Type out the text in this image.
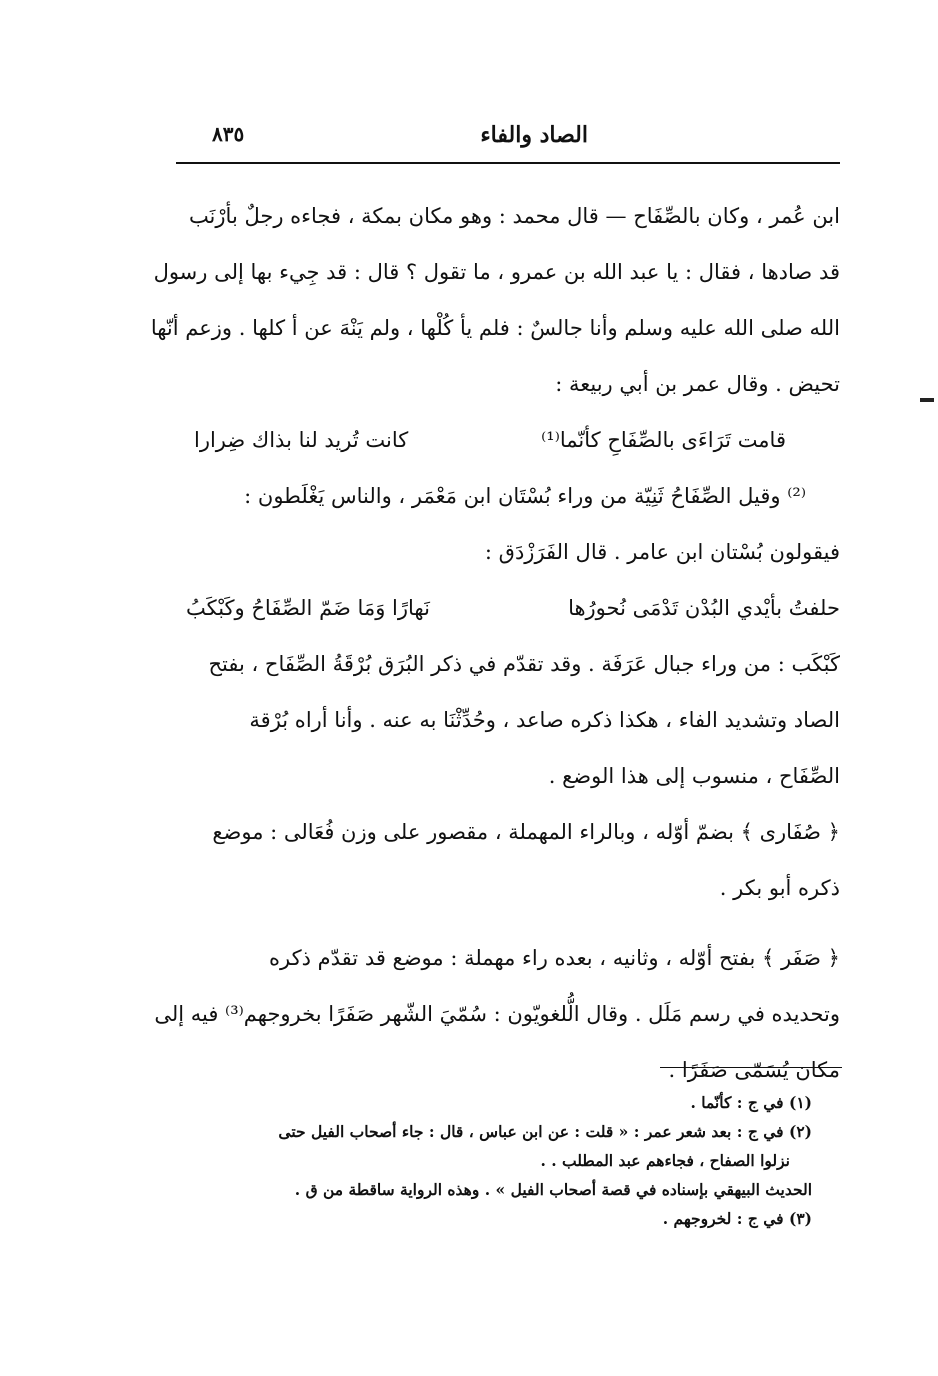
الصاد والفاء
٨٣٥
ابن عُمر ، وكان بالصِّفَاح — قال محمد : وهو مكان بمكة ، فجاءه رجلٌ بأرْنَب
قد صادها ، فقال : يا عبد الله بن عمرو ، ما تقول ؟ قال : قد جِيء بها إلى رسول
الله صلى الله عليه وسلم وأنا جالسٌ : فلم يأ كُلْها ، ولم يَنْهَ عن أ كلها . وزعم أنّها
تحيض . وقال عمر بن أبي ربيعة :
قامت تَرَاءَى بالصِّفَاحِ كأنّما⁽¹⁾
كانت تُريد لنا بذاك ضِرارا
⁽²⁾ وقيل الصِّفَاحُ ثَنِيّة من وراء بُسْتَان ابن مَعْمَر ، والناس يَغْلَطون :
فيقولون بُسْتان ابن عامر . قال الفَرَزْدَق :
حلفتُ بأيْدي البُدْن تَدْمَى نُحورُها
نَهارًا وَمَا ضَمّ الصِّفَاحُ وكَبْكَبُ
كَبْكَب : من وراء جبال عَرَفَة . وقد تقدّم في ذكر البُرَق بُرْقَةُ الصِّفَاح ، بفتح
الصاد وتشديد الفاء ، هكذا ذكره صاعد ، وحُدِّثْنَا به عنه . وأنا أراه بُرْقة
الصِّفَاح ، منسوب إلى هذا الوضع .
﴿ صُفَارى ﴾ بضمّ أوّله ، وبالراء المهملة ، مقصور على وزن فُعَالى : موضع
ذكره أبو بكر .
﴿ صَفَر ﴾ بفتح أوّله ، وثانيه ، بعده راء مهملة : موضع قد تقدّم ذكره
وتحديده في رسم مَلَل . وقال الُّلغويّون : سُمّيَ الشّهر صَفَرًا بخروجهم⁽³⁾ فيه إلى
مكان يُسَمّى صَفَرًا .
(١) في ج : كأنّما .
(٢) في ج : بعد شعر عمر : « قلت : عن ابن عباس ، قال : جاء أصحاب الفيل حتى
نزلوا الصفاح ، فجاءهم عبد المطلب . .
الحديث البيهقي بإسناده في قصة أصحاب الفيل » . وهذه الرواية ساقطة من ق .
(٣) في ج : لخروجهم .
